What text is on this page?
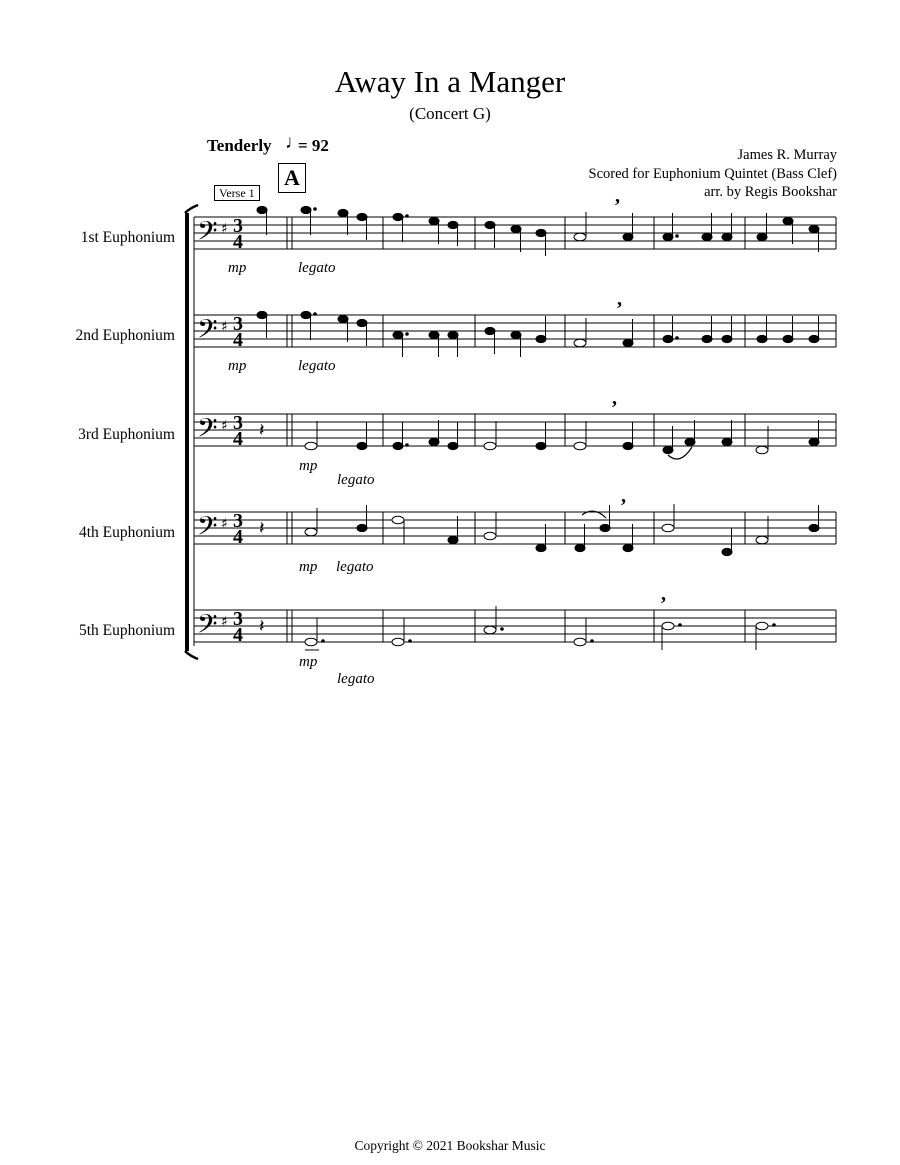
Away In a Manger
(Concert G)
Tenderly ♩
= 92	James R. Murray
Scored for Euphonium Quintet (Bass Clef)
arr. by Regis Bookshar
A
Verse 1
1st Euphonium
2nd Euphonium
3rd Euphonium
4th Euphonium
5th Euphonium
𝄢
𝄢
𝄢
𝄢
𝄢
♯
♯
♯
♯
♯
3
4
3
4
3
4
3
4
3
4
𝄽
𝄽
𝄽
,
,
,
,
,
mp	legato
mp	legato
mp
legato
mp legato
mp
legato
Copyright © 2021 Bookshar Music
